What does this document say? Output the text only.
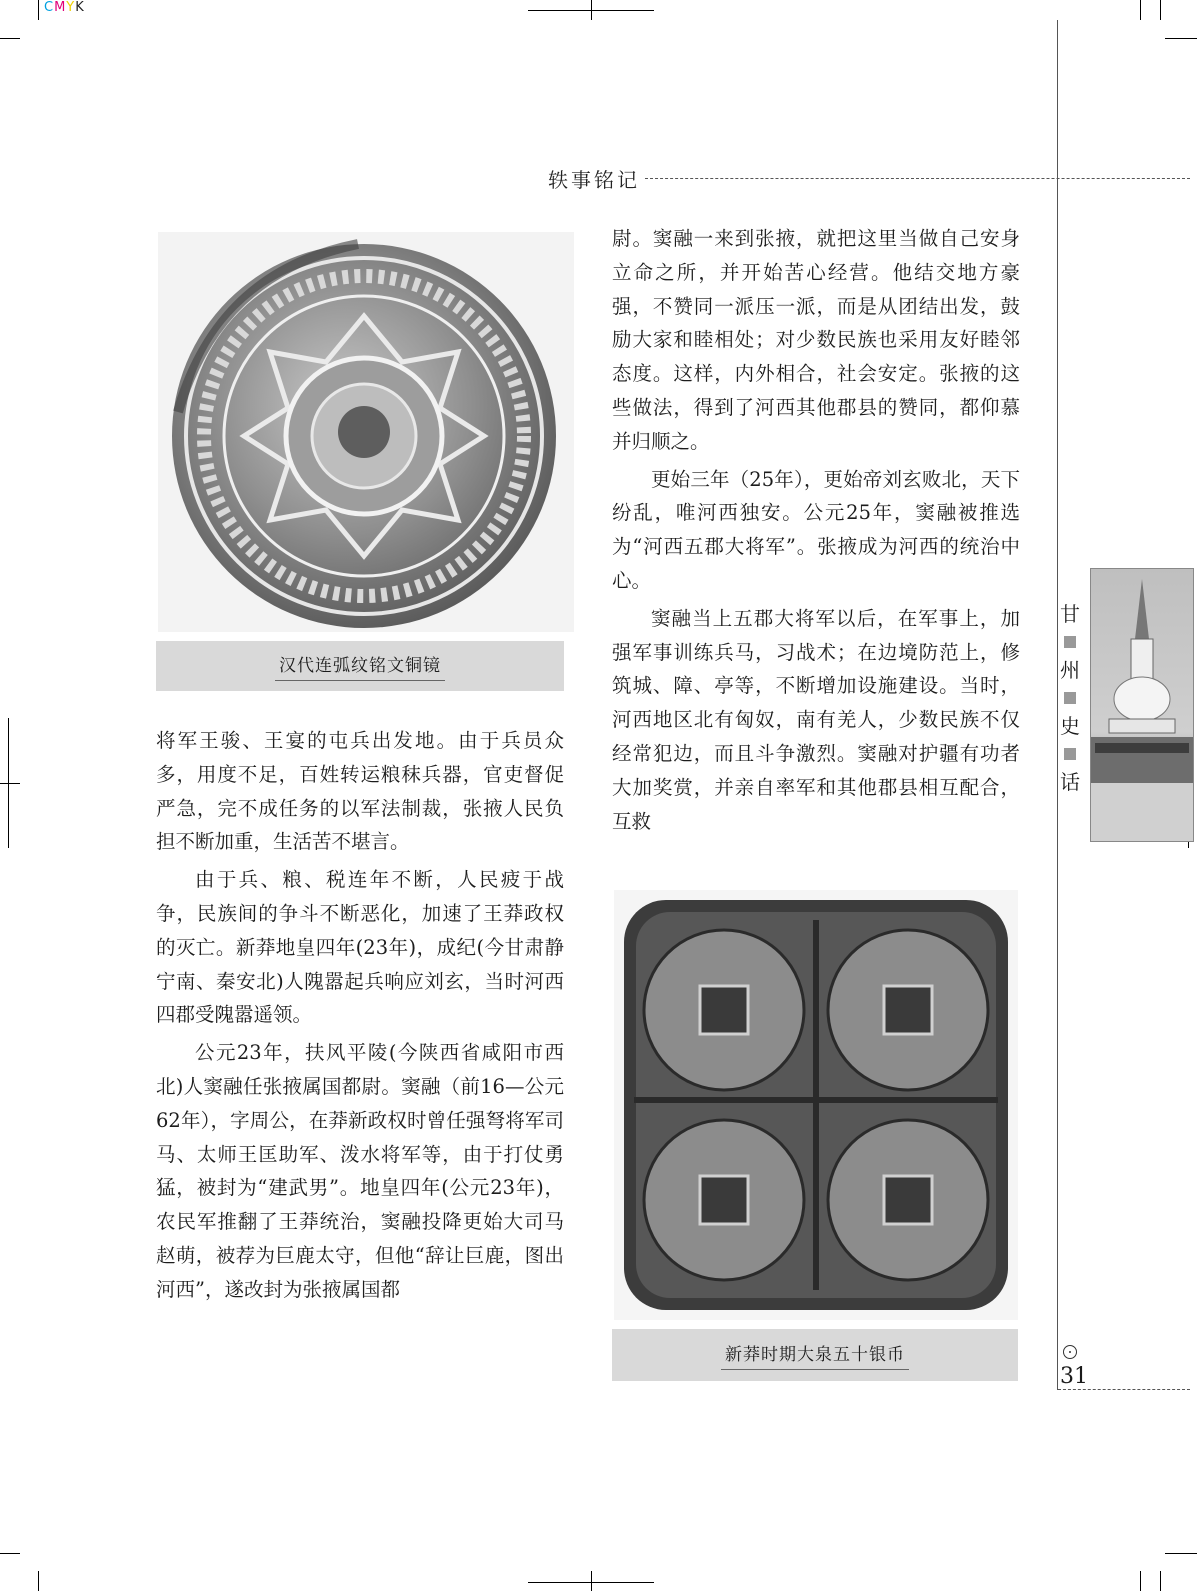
CMYK
轶事铭记
汉代连弧纹铭文铜镜

将军王骏、王宴的屯兵出发地。由于兵员众多，用度不足，百姓转运粮秣兵器，官吏督促严急，完不成任务的以军法制裁，张掖人民负担不断加重，生活苦不堪言。

由于兵、粮、税连年不断，人民疲于战争，民族间的争斗不断恶化，加速了王莽政权的灭亡。新莽地皇四年(23年)，成纪(今甘肃静宁南、秦安北)人隗嚣起兵响应刘玄，当时河西四郡受隗嚣遥领。

公元23年，扶风平陵(今陕西省咸阳市西北)人窦融任张掖属国都尉。窦融（前16—公元62年），字周公，在莽新政权时曾任强弩将军司马、太师王匡助军、泼水将军等，由于打仗勇猛，被封为“建武男”。地皇四年(公元23年)，农民军推翻了王莽统治，窦融投降更始大司马赵萌，被荐为巨鹿太守，但他“辞让巨鹿，图出河西”，遂改封为张掖属国都

尉。窦融一来到张掖，就把这里当做自己安身立命之所，并开始苦心经营。他结交地方豪强，不赞同一派压一派，而是从团结出发，鼓励大家和睦相处；对少数民族也采用友好睦邻态度。这样，内外相合，社会安定。张掖的这些做法，得到了河西其他郡县的赞同，都仰慕并归顺之。

更始三年（25年），更始帝刘玄败北，天下纷乱，唯河西独安。公元25年，窦融被推选为“河西五郡大将军”。张掖成为河西的统治中心。

窦融当上五郡大将军以后，在军事上，加强军事训练兵马，习战术；在边境防范上，修筑城、障、亭等，不断增加设施建设。当时，河西地区北有匈奴，南有羌人，少数民族不仅经常犯边，而且斗争激烈。窦融对护疆有功者大加奖赏，并亲自率军和其他郡县相互配合，互救

新莽时期大泉五十银币
甘
州
史
话
31
